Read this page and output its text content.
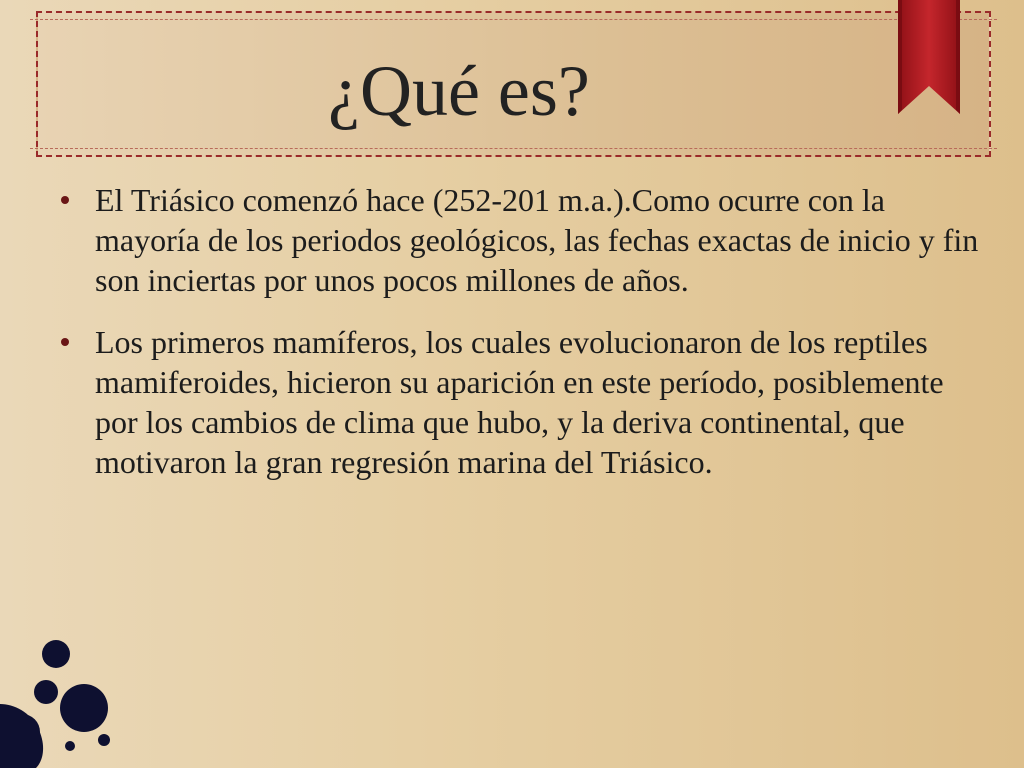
¿Qué es?
El Triásico comenzó hace (252-201 m.a.).Como ocurre con la mayoría de los periodos geológicos, las fechas exactas de inicio y fin son inciertas por unos pocos millones de años.
Los primeros mamíferos, los cuales evolucionaron de los reptiles mamiferoides, hicieron su aparición en este período, posiblemente por los cambios de clima que hubo, y la deriva continental, que motivaron la gran regresión marina del Triásico.
